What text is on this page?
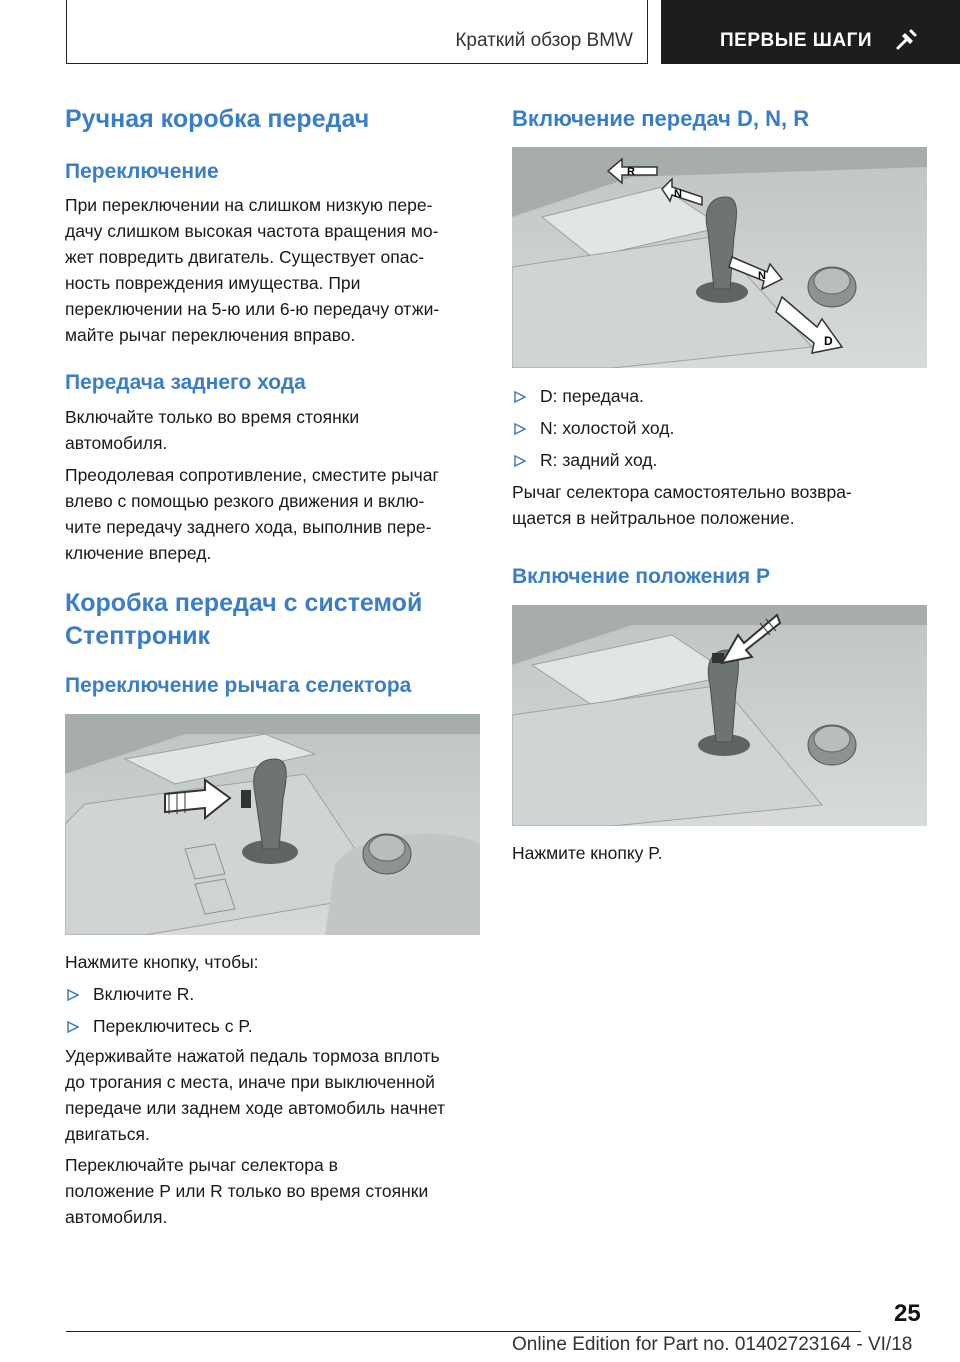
Краткий обзор BMW	ПЕРВЫЕ ШАГИ
Ручная коробка передач
Переключение
При переключении на слишком низкую пере-
дачу слишком высокая частота вращения мо-
жет повредить двигатель. Существует опас-
ность повреждения имущества. При
переключении на 5-ю или 6-ю передачу отжи-
майте рычаг переключения вправо.
Передача заднего хода
Включайте только во время стоянки
автомобиля.
Преодолевая сопротивление, сместите рычаг
влево с помощью резкого движения и вклю-
чите передачу заднего хода, выполнив пере-
ключение вперед.
Коробка передач с системой
Стептроник
Переключение рычага селектора
Нажмите кнопку, чтобы:
Включите R.
Переключитесь с P.
Удерживайте нажатой педаль тормоза вплоть
до трогания с места, иначе при выключенной
передаче или заднем ходе автомобиль начнет
двигаться.
Переключайте рычаг селектора в
положение P или R только во время стоянки
автомобиля.
Включение передач D, N, R
R
N
N
D
D: передача.
N: холостой ход.
R: задний ход.
Рычаг селектора самостоятельно возвра-
щается в нейтральное положение.
Включение положения P
Нажмите кнопку P.
25
Online Edition for Part no. 01402723164 - VI/18
